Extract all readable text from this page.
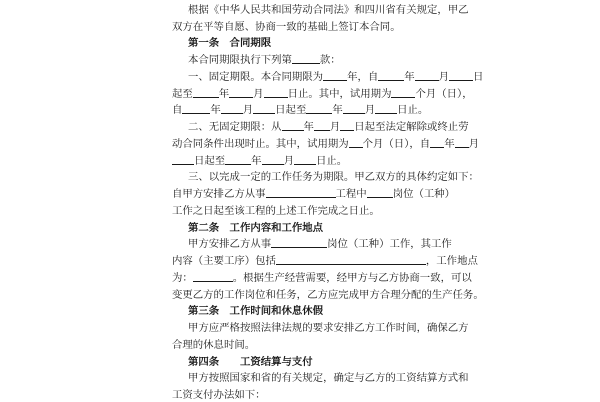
根据《中华人民共和国劳动合同法》和四川省有关规定，甲乙
双方在平等自愿、协商一致的基础上签订本合同。
第一条　合同期限
本合同期限执行下列第	款：
一、固定期限。本合同期限为 年，自	年 月 日
起至	年 月 日止。其中，试用期为 个月（日），
自	年 月 日起至	年 月 日止。
二、无固定期限：从 年 月 日起至法定解除或终止劳
动合同条件出现时止。其中，试用期为 个月（日），自 年 月
日起至	年 月 日止。
三、以完成一定的工作任务为期限。甲乙双方的具体约定如下：
自甲方安排乙方从事	工程中	岗位（工种）
工作之日起至该工程的上述工作完成之日止。
第二条　工作内容和工作地点
甲方安排乙方从事	岗位（工种）工作，其工作
内容（主要工序）包括	，工作地点
为：	。根据生产经营需要，经甲方与乙方协商一致，可以
变更乙方的工作岗位和任务，乙方应完成甲方合理分配的生产任务。
第三条　工作时间和休息休假
甲方应严格按照法律法规的要求安排乙方工作时间，确保乙方
合理的休息时间。
第四条　　工资结算与支付
甲方按照国家和省的有关规定，确定与乙方的工资结算方式和
工资支付办法如下：
